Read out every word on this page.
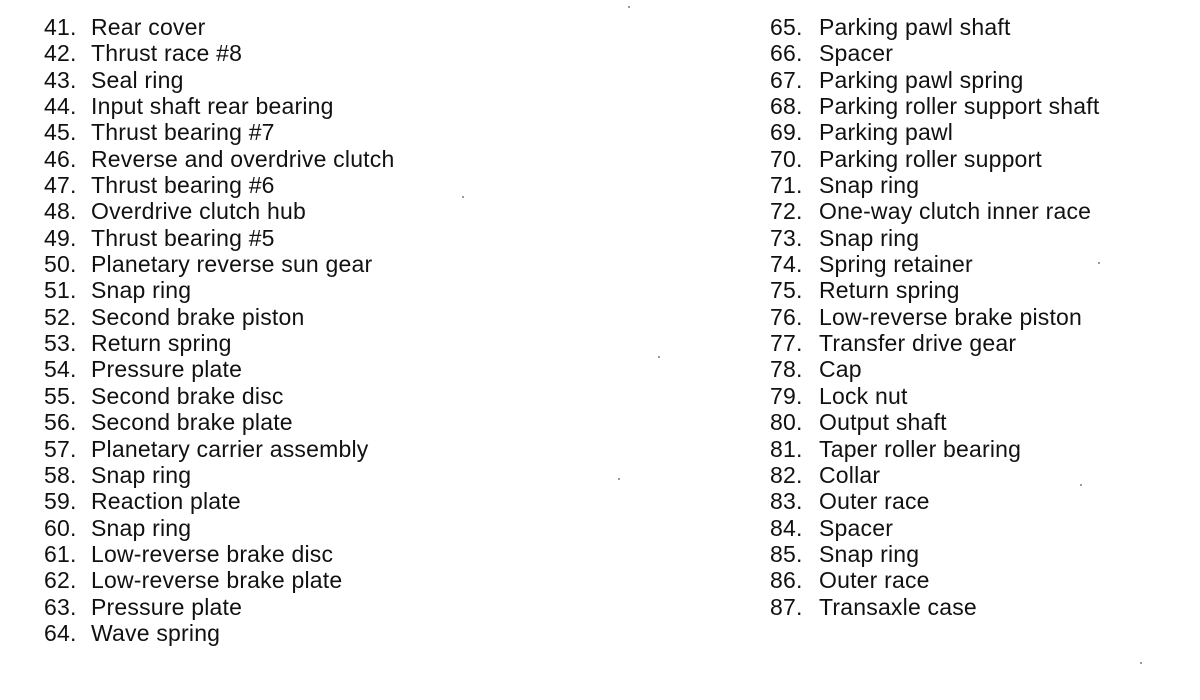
41. Rear cover
42. Thrust race #8
43. Seal ring
44. Input shaft rear bearing
45. Thrust bearing #7
46. Reverse and overdrive clutch
47. Thrust bearing #6
48. Overdrive clutch hub
49. Thrust bearing #5
50. Planetary reverse sun gear
51. Snap ring
52. Second brake piston
53. Return spring
54. Pressure plate
55. Second brake disc
56. Second brake plate
57. Planetary carrier assembly
58. Snap ring
59. Reaction plate
60. Snap ring
61. Low-reverse brake disc
62. Low-reverse brake plate
63. Pressure plate
64. Wave spring
65. Parking pawl shaft
66. Spacer
67. Parking pawl spring
68. Parking roller support shaft
69. Parking pawl
70. Parking roller support
71. Snap ring
72. One-way clutch inner race
73. Snap ring
74. Spring retainer
75. Return spring
76. Low-reverse brake piston
77. Transfer drive gear
78. Cap
79. Lock nut
80. Output shaft
81. Taper roller bearing
82. Collar
83. Outer race
84. Spacer
85. Snap ring
86. Outer race
87. Transaxle case
